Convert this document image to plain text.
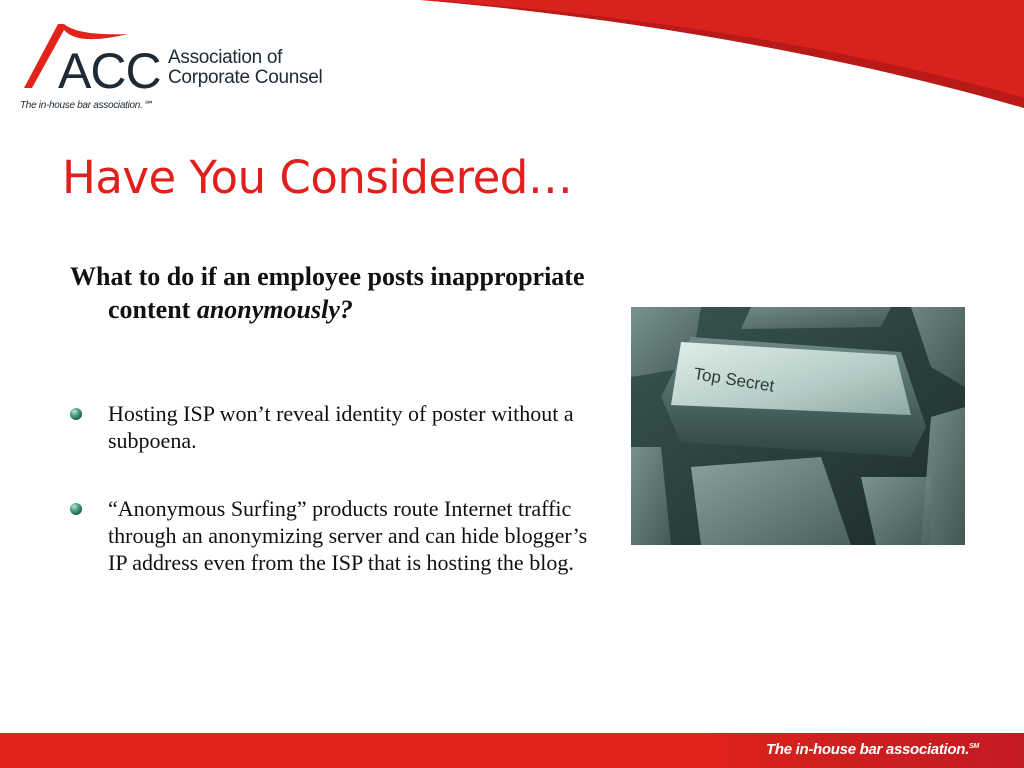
ACC Association of
Corporate Counsel
The in-house bar association.℠
Have You Considered…
What to do if an employee posts inappropriate content anonymously?
Hosting ISP won’t reveal identity of poster without a subpoena.
“Anonymous Surfing” products route Internet traffic through an anonymizing server and can hide blogger’s IP address even from the ISP that is hosting the blog.
Top Secret
The in-house bar association.℠
